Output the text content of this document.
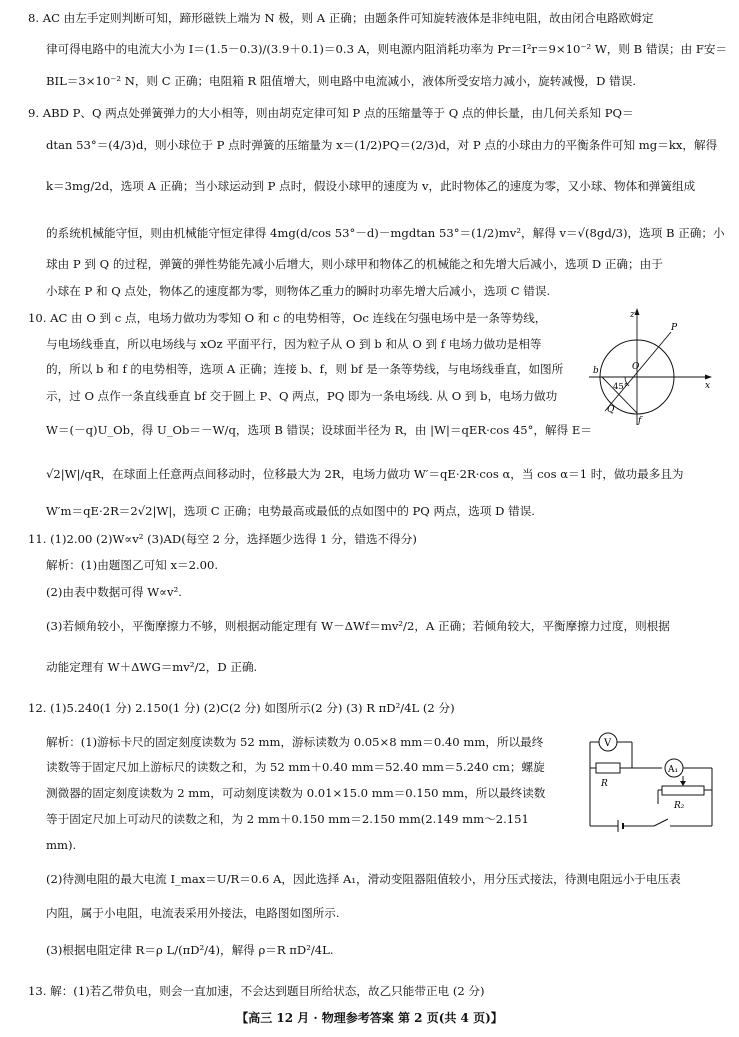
8. AC 由左手定则判断可知，蹄形磁铁上端为 N 极，则 A 正确；由题条件可知旋转液体是非纯电阻，故由闭合电路欧姆定
律可得电路中的电流大小为 I＝(1.5－0.3)/(3.9＋0.1)＝0.3 A，则电源内阻消耗功率为 Pr＝I²r＝9×10⁻² W，则 B 错误；由 F安＝
BIL＝3×10⁻² N，则 C 正确；电阻箱 R 阻值增大，则电路中电流减小，液体所受安培力减小，旋转减慢，D 错误.
9. ABD P、Q 两点处弹簧弹力的大小相等，则由胡克定律可知 P 点的压缩量等于 Q 点的伸长量，由几何关系知 PQ＝
dtan 53°＝(4/3)d，则小球位于 P 点时弹簧的压缩量为 x＝(1/2)PQ＝(2/3)d，对 P 点的小球由力的平衡条件可知 mg＝kx，解得
k＝3mg/2d，选项 A 正确；当小球运动到 P 点时，假设小球甲的速度为 v，此时物体乙的速度为零，又小球、物体和弹簧组成
的系统机械能守恒，则由机械能守恒定律得 4mg(d/cos 53°－d)－mgdtan 53°＝(1/2)mv²，解得 v＝√(8gd/3)，选项 B 正确；小
球由 P 到 Q 的过程，弹簧的弹性势能先减小后增大，则小球甲和物体乙的机械能之和先增大后减小，选项 D 正确；由于
小球在 P 和 Q 点处，物体乙的速度都为零，则物体乙重力的瞬时功率先增大后减小，选项 C 错误.
10. AC 由 O 到 c 点，电场力做功为零知 O 和 c 的电势相等，Oc 连线在匀强电场中是一条等势线，
与电场线垂直，所以电场线与 xOz 平面平行，因为粒子从 O 到 b 和从 O 到 f 电场力做功是相等
的，所以 b 和 f 的电势相等，选项 A 正确；连接 b、f，则 bf 是一条等势线，与电场线垂直，如图所
示，过 O 点作一条直线垂直 bf 交于圆上 P、Q 两点，PQ 即为一条电场线. 从 O 到 b，电场力做功
W＝(－q)U_Ob，得 U_Ob＝－W/q，选项 B 错误；设球面半径为 R，由 |W|＝qER·cos 45°，解得 E＝
√2|W|/qR，在球面上任意两点间移动时，位移最大为 2R，电场力做功 W′＝qE·2R·cos α，当 cos α＝1 时，做功最多且为
W′m＝qE·2R＝2√2|W|，选项 C 正确；电势最高或最低的点如图中的 PQ 两点，选项 D 错误.
z
x
P
b	O
45°
Q
f
11. (1)2.00 (2)W∝v² (3)AD(每空 2 分，选择题少选得 1 分，错选不得分)
解析：(1)由题图乙可知 x＝2.00.
(2)由表中数据可得 W∝v².
(3)若倾角较小，平衡摩擦力不够，则根据动能定理有 W－ΔWf＝mv²/2，A 正确；若倾角较大，平衡摩擦力过度，则根据
动能定理有 W＋ΔWG＝mv²/2，D 正确.
12. (1)5.240(1 分) 2.150(1 分) (2)C(2 分) 如图所示(2 分) (3) R πD²/4L (2 分)
解析：(1)游标卡尺的固定刻度读数为 52 mm，游标读数为 0.05×8 mm＝0.40 mm，所以最终
读数等于固定尺加上游标尺的读数之和，为 52 mm＋0.40 mm＝52.40 mm＝5.240 cm；螺旋
测微器的固定刻度读数为 2 mm，可动刻度读数为 0.01×15.0 mm＝0.150 mm，所以最终读数
等于固定尺加上可动尺的读数之和，为 2 mm＋0.150 mm＝2.150 mm(2.149 mm～2.151
mm).
(2)待测电阻的最大电流 I_max＝U/R＝0.6 A，因此选择 A₁，滑动变阻器阻值较小，用分压式接法，待测电阻远小于电压表
内阻，属于小电阻，电流表采用外接法，电路图如图所示.
(3)根据电阻定律 R＝ρ L/(πD²/4)，解得 ρ＝R πD²/4L.
V
R
A₁
R₂
13. 解：(1)若乙带负电，则会一直加速，不会达到题目所给状态，故乙只能带正电 (2 分)
【高三 12 月 · 物理参考答案 第 2 页(共 4 页)】
